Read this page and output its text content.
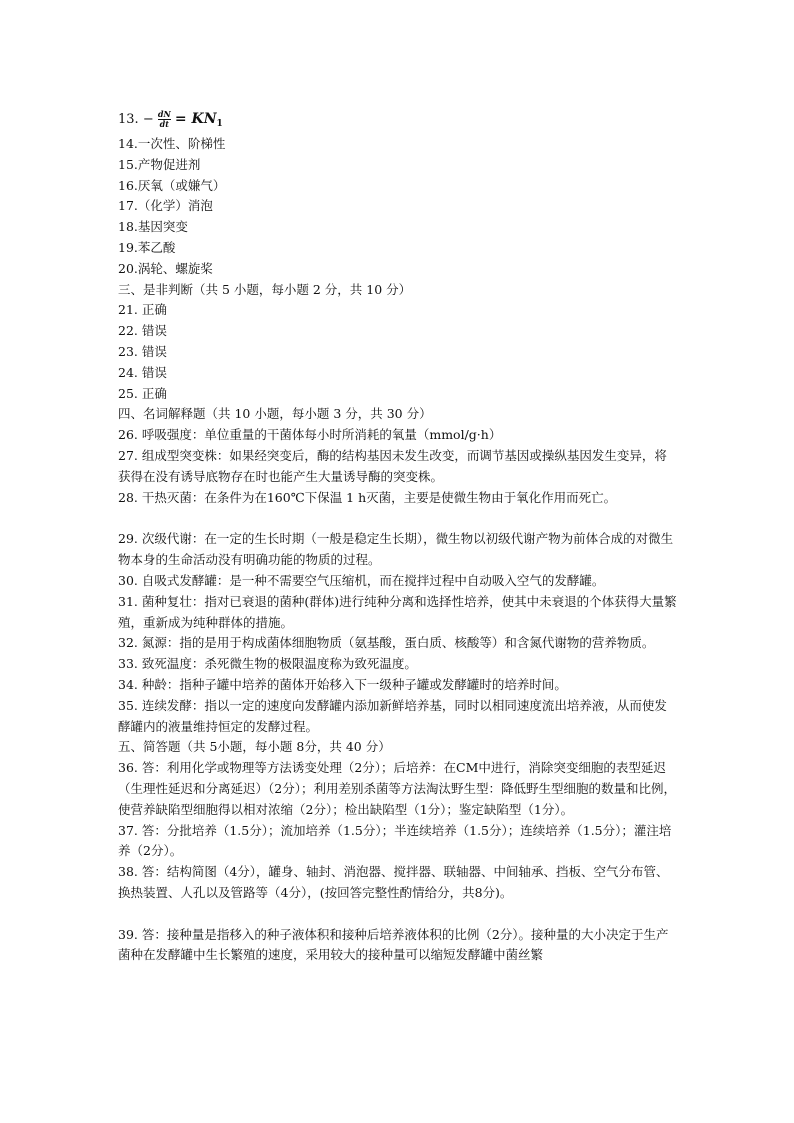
13. − $\frac{dN}{dt} = KN_1$
14.一次性、阶梯性
15.产物促进剂
16.厌氧（或嫌气）
17.（化学）消泡
18.基因突变
19.苯乙酸
20.涡轮、螺旋桨
三、是非判断（共 5 小题，每小题 2 分，共 10 分）
21. 正确
22. 错误
23. 错误
24. 错误
25. 正确
四、名词解释题（共 10 小题，每小题 3 分，共 30 分）
26. 呼吸强度：单位重量的干菌体每小时所消耗的氧量（mmol/g·h）
27. 组成型突变株：如果经突变后，酶的结构基因未发生改变，而调节基因或操纵基因发生变异，将获得在没有诱导底物存在时也能产生大量诱导酶的突变株。
28. 干热灭菌：在条件为在160℃下保温 1 h灭菌，主要是使微生物由于氧化作用而死亡。
29. 次级代谢：在一定的生长时期（一般是稳定生长期），微生物以初级代谢产物为前体合成的对微生物本身的生命活动没有明确功能的物质的过程。
30. 自吸式发酵罐：是一种不需要空气压缩机，而在搅拌过程中自动吸入空气的发酵罐。
31. 菌种复壮：指对已衰退的菌种(群体)进行纯种分离和选择性培养，使其中未衰退的个体获得大量繁殖，重新成为纯种群体的措施。
32. 氮源：指的是用于构成菌体细胞物质（氨基酸，蛋白质、核酸等）和含氮代谢物的营养物质。
33. 致死温度：杀死微生物的极限温度称为致死温度。
34. 种龄：指种子罐中培养的菌体开始移入下一级种子罐或发酵罐时的培养时间。
35. 连续发酵：指以一定的速度向发酵罐内添加新鲜培养基，同时以相同速度流出培养液，从而使发酵罐内的液量维持恒定的发酵过程。
五、简答题（共 5小题，每小题 8分，共 40 分）
36. 答：利用化学或物理等方法诱变处理（2分）；后培养：在CM中进行，消除突变细胞的表型延迟（生理性延迟和分离延迟）（2分）；利用差别杀菌等方法淘汰野生型：降低野生型细胞的数量和比例，使营养缺陷型细胞得以相对浓缩（2分）；检出缺陷型（1分）；鉴定缺陷型（1分）。
37. 答：分批培养（1.5分）；流加培养（1.5分）；半连续培养（1.5分）；连续培养（1.5分）；灌注培养（2分）。
38. 答：结构简图（4分），罐身、轴封、消泡器、搅拌器、联轴器、中间轴承、挡板、空气分布管、换热装置、人孔以及管路等（4分），(按回答完整性酌情给分，共8分)。
39. 答：接种量是指移入的种子液体积和接种后培养液体积的比例（2分）。接种量的大小决定于生产菌种在发酵罐中生长繁殖的速度，采用较大的接种量可以缩短发酵罐中菌丝繁
